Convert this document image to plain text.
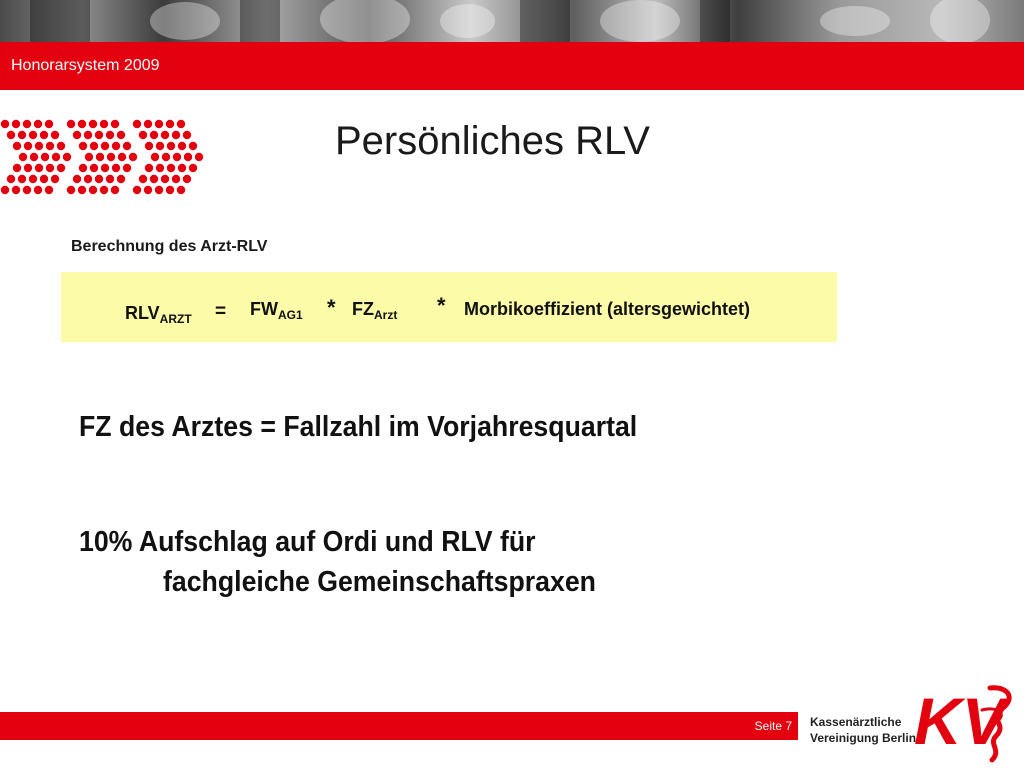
Honorarsystem 2009
Persönliches RLV
Berechnung des Arzt-RLV
$RLV_{ARZT} = FW_{AG1} * FZ_{Arzt}$ * Morbikoeffizient (altersgewichtet)
FZ des Arztes = Fallzahl im Vorjahresquartal
10% Aufschlag auf Ordi und RLV für
fachgleiche Gemeinschaftspraxen
Seite 7 Kassenärztliche
Vereinigung Berlin
KV
